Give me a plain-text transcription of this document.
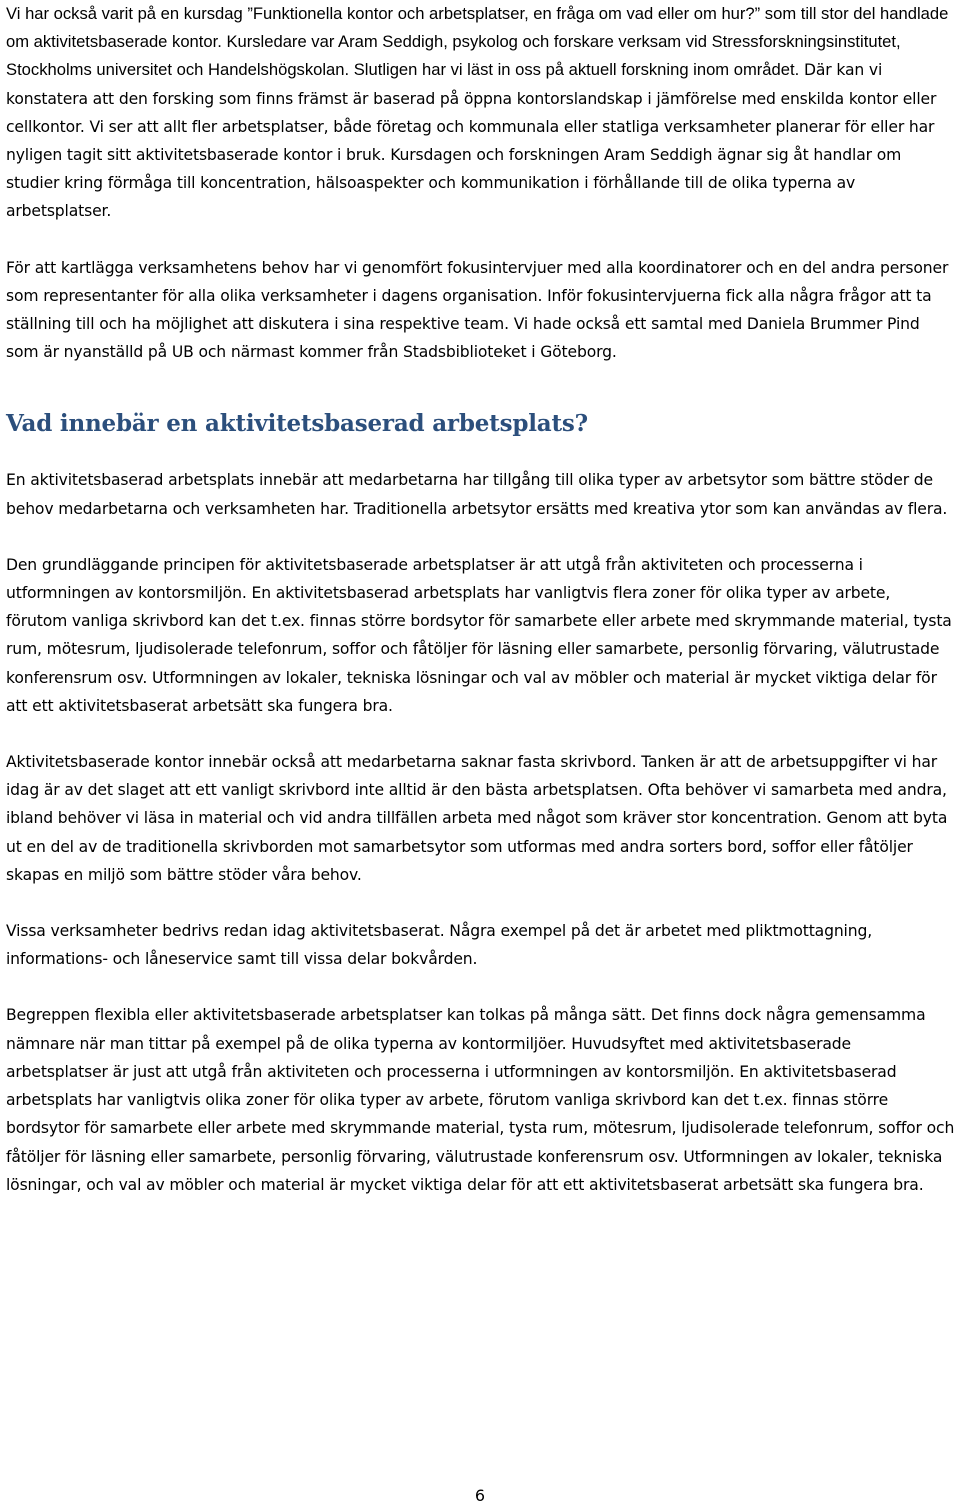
Vi har också varit på en kursdag ”Funktionella kontor och arbetsplatser, en fråga om vad eller om hur?” som till stor del handlade om aktivitetsbaserade kontor. Kursledare var Aram Seddigh, psykolog och forskare verksam vid Stressforskningsinstitutet, Stockholms universitet och Handelshögskolan. Slutligen har vi läst in oss på aktuell forskning inom området. Där kan vi konstatera att den forsking som finns främst är baserad på öppna kontorslandskap i jämförelse med enskilda kontor eller cellkontor. Vi ser att allt fler arbetsplatser, både företag och kommunala eller statliga verksamheter planerar för eller har nyligen tagit sitt aktivitetsbaserade kontor i bruk. Kursdagen och forskningen Aram Seddigh ägnar sig åt handlar om studier kring förmåga till koncentration, hälsoaspekter och kommunikation i förhållande till de olika typerna av arbetsplatser.

För att kartlägga verksamhetens behov har vi genomfört fokusintervjuer med alla koordinatorer och en del andra personer som representanter för alla olika verksamheter i dagens organisation. Inför fokusintervjuerna fick alla några frågor att ta ställning till och ha möjlighet att diskutera i sina respektive team. Vi hade också ett samtal med Daniela Brummer Pind som är nyanställd på UB och närmast kommer från Stadsbiblioteket i Göteborg.

Vad innebär en aktivitetsbaserad arbetsplats?

En aktivitetsbaserad arbetsplats innebär att medarbetarna har tillgång till olika typer av arbetsytor som bättre stöder de behov medarbetarna och verksamheten har. Traditionella arbetsytor ersätts med kreativa ytor som kan användas av flera.

Den grundläggande principen för aktivitetsbaserade arbetsplatser är att utgå från aktiviteten och processerna i utformningen av kontorsmiljön. En aktivitetsbaserad arbetsplats har vanligtvis flera zoner för olika typer av arbete, förutom vanliga skrivbord kan det t.ex. finnas större bordsytor för samarbete eller arbete med skrymmande material, tysta rum, mötesrum, ljudisolerade telefonrum, soffor och fåtöljer för läsning eller samarbete, personlig förvaring, välutrustade konferensrum osv. Utformningen av lokaler, tekniska lösningar och val av möbler och material är mycket viktiga delar för att ett aktivitetsbaserat arbetsätt ska fungera bra.

Aktivitetsbaserade kontor innebär också att medarbetarna saknar fasta skrivbord. Tanken är att de arbetsuppgifter vi har idag är av det slaget att ett vanligt skrivbord inte alltid är den bästa arbetsplatsen. Ofta behöver vi samarbeta med andra, ibland behöver vi läsa in material och vid andra tillfällen arbeta med något som kräver stor koncentration. Genom att byta ut en del av de traditionella skrivborden mot samarbetsytor som utformas med andra sorters bord, soffor eller fåtöljer skapas en miljö som bättre stöder våra behov.

Vissa verksamheter bedrivs redan idag aktivitetsbaserat. Några exempel på det är arbetet med pliktmottagning, informations- och låneservice samt till vissa delar bokvården.

Begreppen flexibla eller aktivitetsbaserade arbetsplatser kan tolkas på många sätt. Det finns dock några gemensamma nämnare när man tittar på exempel på de olika typerna av kontormiljöer. Huvudsyftet med aktivitetsbaserade arbetsplatser är just att utgå från aktiviteten och processerna i utformningen av kontorsmiljön. En aktivitetsbaserad arbetsplats har vanligtvis olika zoner för olika typer av arbete, förutom vanliga skrivbord kan det t.ex. finnas större bordsytor för samarbete eller arbete med skrymmande material, tysta rum, mötesrum, ljudisolerade telefonrum, soffor och fåtöljer för läsning eller samarbete, personlig förvaring, välutrustade konferensrum osv. Utformningen av lokaler, tekniska lösningar, och val av möbler och material är mycket viktiga delar för att ett aktivitetsbaserat arbetsätt ska fungera bra.

6
